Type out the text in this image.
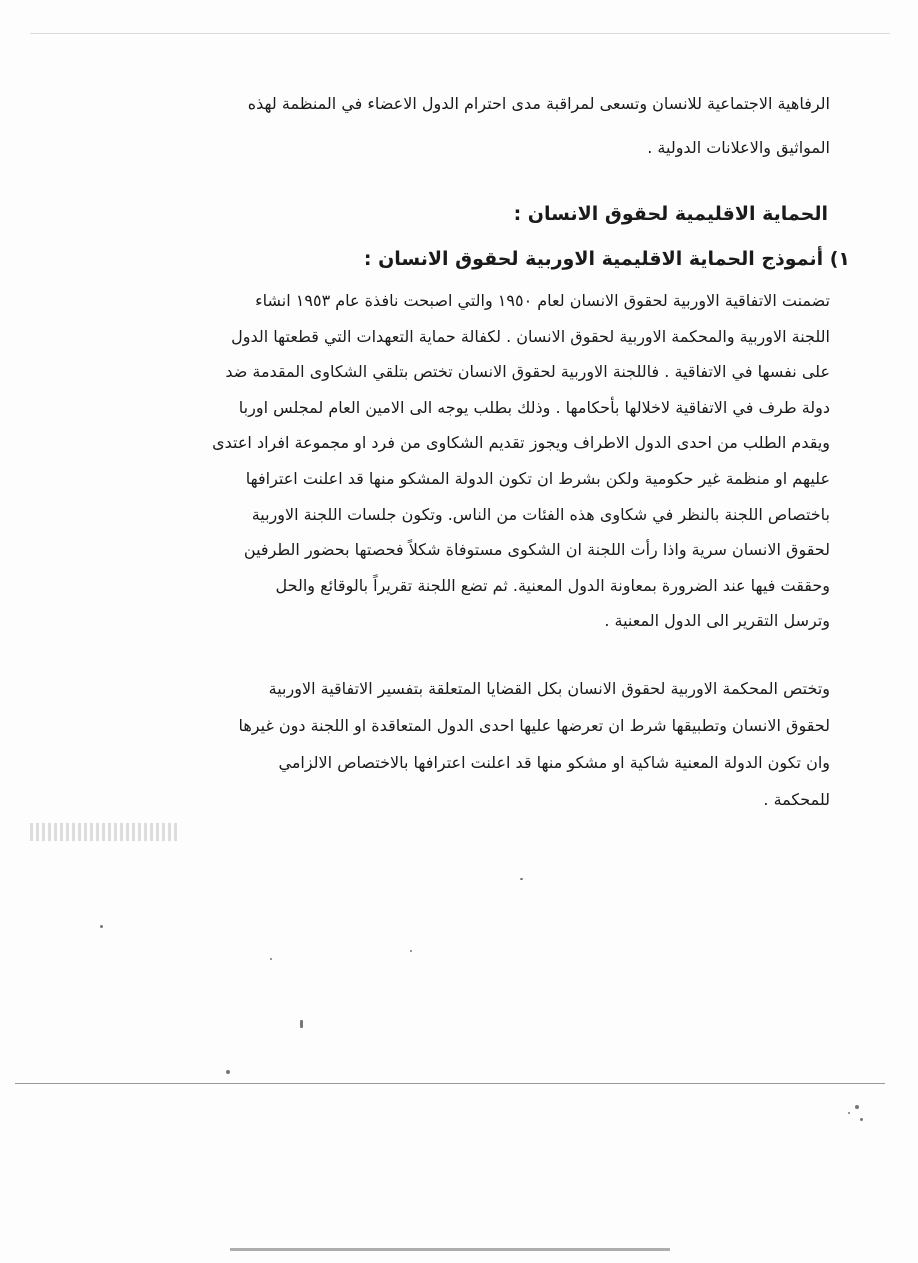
الرفاهية الاجتماعية للانسان وتسعى لمراقبة مدى احترام الدول الاعضاء في المنظمة لهذه
المواثيق والاعلانات الدولية .
الحماية الاقليمية لحقوق الانسان :
١) أنموذج الحماية الاقليمية الاوربية لحقوق الانسان :
تضمنت الاتفاقية الاوربية لحقوق الانسان لعام ١٩٥٠ والتي اصبحت نافذة عام ١٩٥٣ انشاء
اللجنة الاوربية والمحكمة الاوربية لحقوق الانسان . لكفالة حماية التعهدات التي قطعتها الدول
على نفسها في الاتفاقية . فاللجنة الاوربية لحقوق الانسان تختص بتلقي الشكاوى المقدمة ضد
دولة طرف في الاتفاقية لاخلالها بأحكامها . وذلك بطلب يوجه الى الامين العام لمجلس اوربا
ويقدم الطلب من احدى الدول الاطراف ويجوز تقديم الشكاوى من فرد او مجموعة افراد اعتدى
عليهم او منظمة غير حكومية ولكن بشرط ان تكون الدولة المشكو منها قد اعلنت اعترافها
باختصاص اللجنة بالنظر في شكاوى هذه الفئات من الناس. وتكون جلسات اللجنة الاوربية
لحقوق الانسان سرية واذا رأت اللجنة ان الشكوى مستوفاة شكلاً فحصتها بحضور الطرفين
وحققت فيها عند الضرورة بمعاونة الدول المعنية. ثم تضع اللجنة تقريراً بالوقائع والحل
وترسل التقرير الى الدول المعنية .
وتختص المحكمة الاوربية لحقوق الانسان بكل القضايا المتعلقة بتفسير الاتفاقية الاوربية
لحقوق الانسان وتطبيقها شرط ان تعرضها عليها احدى الدول المتعاقدة او اللجنة دون غيرها
وان تكون الدولة المعنية شاكية او مشكو منها قد اعلنت اعترافها بالاختصاص الالزامي
للمحكمة .
